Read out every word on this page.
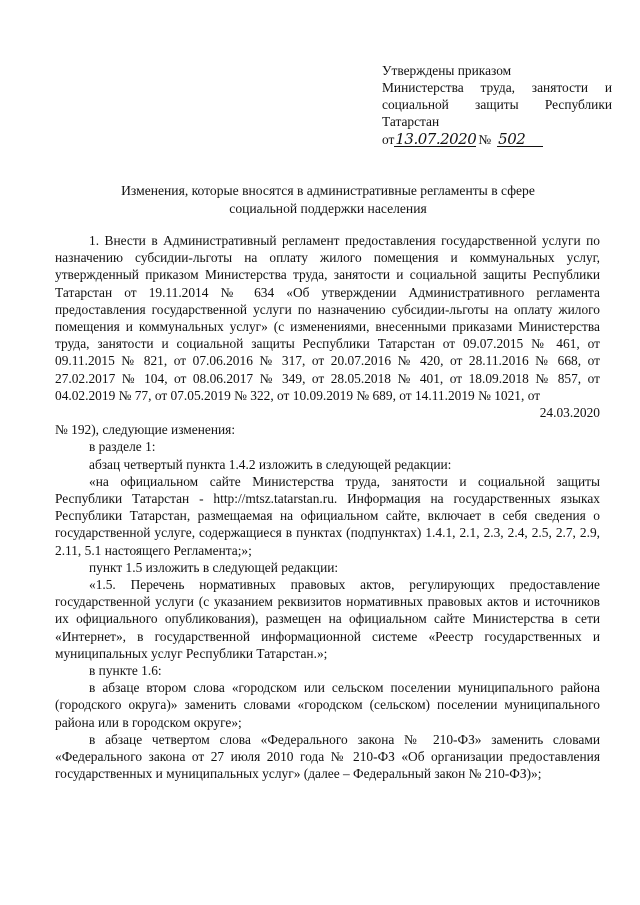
Утверждены приказом
Министерства труда, занятости и
социальной защиты Республики
Татарстан
от 13.07.2020 № 502
Изменения, которые вносятся в административные регламенты в сфере
социальной поддержки населения

1. Внести в Административный регламент предоставления государственной услуги по назначению субсидии-льготы на оплату жилого помещения и коммунальных услуг, утвержденный приказом Министерства труда, занятости и социальной защиты Республики Татарстан от 19.11.2014 № 634 «Об утверждении Административного регламента предоставления государственной услуги по назначению субсидии-льготы на оплату жилого помещения и коммунальных услуг» (с изменениями, внесенными приказами Министерства труда, занятости и социальной защиты Республики Татарстан от 09.07.2015 № 461, от 09.11.2015 № 821, от 07.06.2016 № 317, от 20.07.2016 № 420, от 28.11.2016 № 668, от 27.02.2017 № 104, от 08.06.2017 № 349, от 28.05.2018 № 401, от 18.09.2018 № 857, от 04.02.2019 № 77, от 07.05.2019 № 322, от 10.09.2019 № 689, от 14.11.2019 № 1021, от
24.03.2020

№ 192), следующие изменения:

в разделе 1:

абзац четвертый пункта 1.4.2 изложить в следующей редакции:

«на официальном сайте Министерства труда, занятости и социальной защиты Республики Татарстан - http://mtsz.tatarstan.ru. Информация на государственных языках Республики Татарстан, размещаемая на официальном сайте, включает в себя сведения о государственной услуге, содержащиеся в пунктах (подпунктах) 1.4.1, 2.1, 2.3, 2.4, 2.5, 2.7, 2.9, 2.11, 5.1 настоящего Регламента;»;

пункт 1.5 изложить в следующей редакции:

«1.5. Перечень нормативных правовых актов, регулирующих предоставление государственной услуги (с указанием реквизитов нормативных правовых актов и источников их официального опубликования), размещен на официальном сайте Министерства в сети «Интернет», в государственной информационной системе «Реестр государственных и муниципальных услуг Республики Татарстан.»;

в пункте 1.6:

в абзаце втором слова «городском или сельском поселении муниципального района (городского округа)» заменить словами «городском (сельском) поселении муниципального района или в городском округе»;

в абзаце четвертом слова «Федерального закона № 210-ФЗ» заменить словами «Федерального закона от 27 июля 2010 года № 210-ФЗ «Об организации предоставления государственных и муниципальных услуг» (далее – Федеральный закон № 210-ФЗ)»;
